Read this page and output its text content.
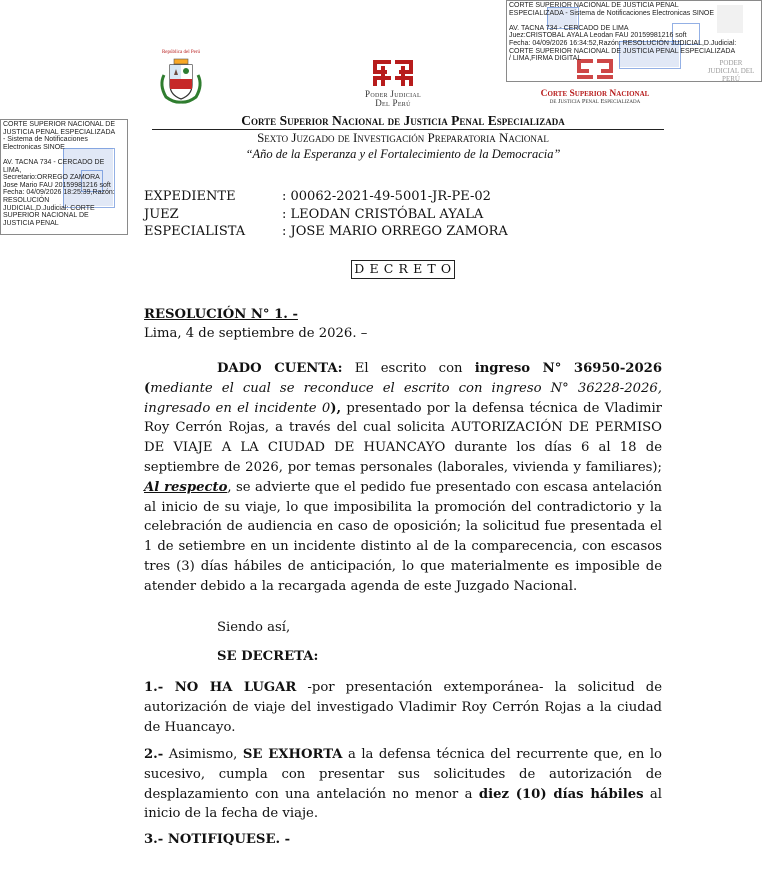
PODER JUDICIAL DEL PERÚ
CORTE SUPERIOR NACIONAL DE JUSTICIA PENAL
ESPECIALIZADA - Sistema de Notificaciones Electronicas SINOE
AV. TACNA 734 - CERCADO DE LIMA
Juez:CRISTOBAL AYALA Leodan FAU 20159981216 soft
Fecha: 04/09/2026 16:34:52,Razón: RESOLUCIÓN JUDICIAL,D.Judicial:
CORTE SUPERIOR NACIONAL DE JUSTICIA PENAL ESPECIALIZADA
/ LIMA,FIRMA DIGITAL
CORTE SUPERIOR NACIONAL DE
JUSTICIA PENAL ESPECIALIZADA
- Sistema de Notificaciones
Electronicas SINOE
AV. TACNA 734 - CERCADO DE
LIMA,
Secretario:ORREGO ZAMORA
Jose Mario FAU 20159981216 soft
Fecha: 04/09/2026 18:25:39,Razón:
RESOLUCIÓN
JUDICIAL,D.Judicial: CORTE
SUPERIOR NACIONAL DE
JUSTICIA PENAL
República del Perú
Poder Judicial
Del Perú
Corte Superior Nacional
de Justicia Penal Especializada
Corte Superior Nacional de Justicia Penal Especializada
Sexto Juzgado de Investigación Preparatoria Nacional
“Año de la Esperanza y el Fortalecimiento de la Democracia”
EXPEDIENTE	: 00062-2021-49-5001-JR-PE-02
JUEZ	: LEODAN CRISTÓBAL AYALA
ESPECIALISTA	: JOSE MARIO ORREGO ZAMORA
D E C R E T O
RESOLUCIÓN N° 1. -
Lima, 4 de septiembre de 2026. –
DADO CUENTA: El escrito con ingreso N° 36950-2026 (mediante el cual se reconduce el escrito con ingreso N° 36228-2026, ingresado en el incidente 0), presentado por la defensa técnica de Vladimir Roy Cerrón Rojas, a través del cual solicita AUTORIZACIÓN DE PERMISO DE VIAJE A LA CIUDAD DE HUANCAYO durante los días 6 al 18 de septiembre de 2026, por temas personales (laborales, vivienda y familiares); Al respecto, se advierte que el pedido fue presentado con escasa antelación al inicio de su viaje, lo que imposibilita la promoción del contradictorio y la celebración de audiencia en caso de oposición; la solicitud fue presentada el 1 de setiembre en un incidente distinto al de la comparecencia, con escasos tres (3) días hábiles de anticipación, lo que materialmente es imposible de atender debido a la recargada agenda de este Juzgado Nacional.
Siendo así,
SE DECRETA:
1.- NO HA LUGAR -por presentación extemporánea- la solicitud de autorización de viaje del investigado Vladimir Roy Cerrón Rojas a la ciudad de Huancayo.
2.- Asimismo, SE EXHORTA a la defensa técnica del recurrente que, en lo sucesivo, cumpla con presentar sus solicitudes de autorización de desplazamiento con una antelación no menor a diez (10) días hábiles al inicio de la fecha de viaje.
3.- NOTIFIQUESE. -
